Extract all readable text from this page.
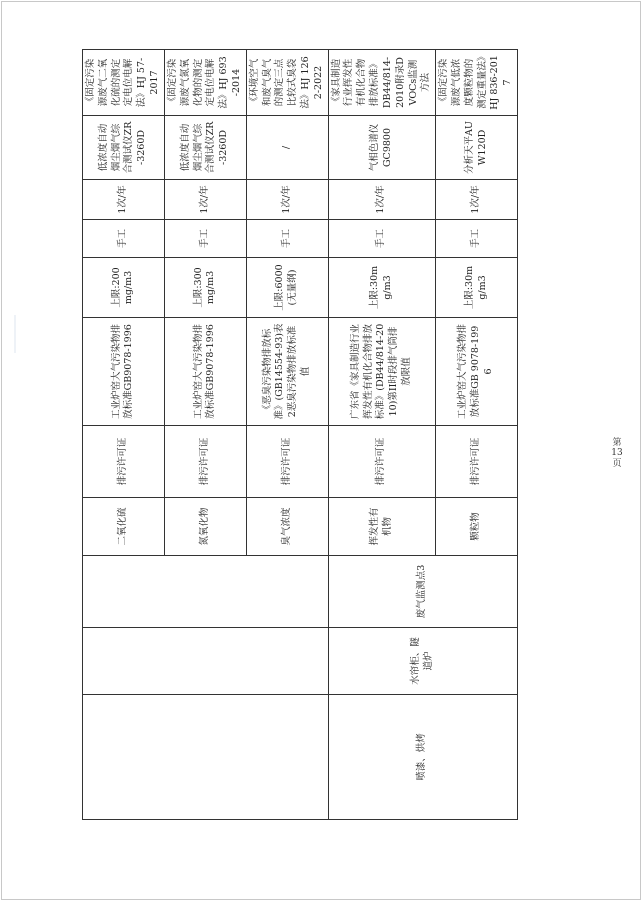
			二氧化硫	排污许可证	工业炉窑大气污染物排放标准GB9078-1996	上限:200mg/m3	手工	1次/年	低浓度自动烟尘烟气综合测试仪ZR-3260D	《固定污染源废气二氧化硫的测定定电位电解法》HJ 57-2017
			氮氧化物	排污许可证	工业炉窑大气污染物排放标准GB9078-1996	上限:300mg/m3	手工	1次/年	低浓度自动烟尘烟气综合测试仪ZR-3260D	《固定污染源废气氮氧化物的测定定电位电解法》HJ 693-2014
			臭气浓度	排污许可证	《恶臭污染物排放标准》(GB14554-93)表2恶臭污染物排放标准值	上限:6000(无量纲)	手工	1次/年	/	《环境空气和废气臭气的测定三点比较式臭袋法》HJ 1262-2022
喷漆、烘烤	水帘柜、隧道炉	废气监测点3	挥发性有机物	排污许可证	广东省《家具制造行业挥发性有机化合物排放标准》(DB44/814-2010)第II时段排气筒排放限值	上限:30mg/m3	手工	1次/年	气相色谱仪GC9800	《家具制造行业挥发性有机化合物排放标准》DB44/814-2010附录D VOCs监测方法
			颗粒物	排污许可证	工业炉窑大气污染物排放标准GB 9078-1996	上限:30mg/m3	手工	1次/年	分析天平AUW120D	《固定污染源废气低浓度颗粒物的测定重量法》HJ 836-2017
第13页
